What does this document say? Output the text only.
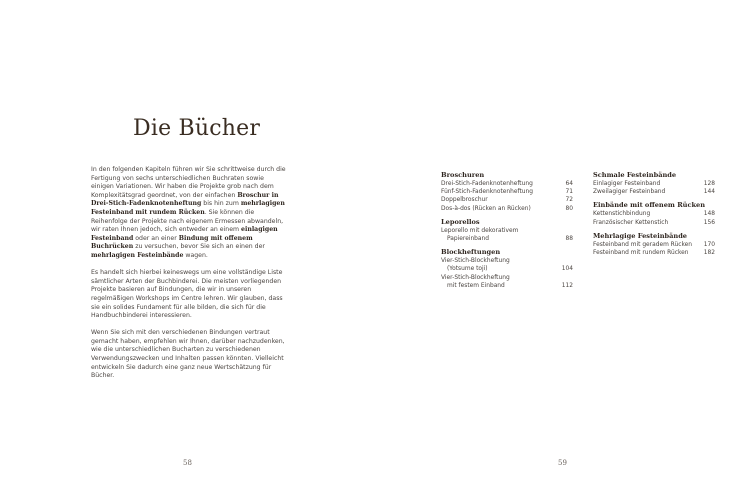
Die Bücher

In den folgenden Kapiteln führen wir Sie schrittweise durch die Fertigung von sechs unterschiedlichen Buchraten sowie einigen Variationen. Wir haben die Projekte grob nach dem Komplexitätsgrad geordnet, von der einfachen Broschur in Drei-Stich-Fadenknotenheftung bis hin zum mehrlagigen Festeinband mit rundem Rücken. Sie können die Reihenfolge der Projekte nach eigenem Ermessen abwandeln, wir raten Ihnen jedoch, sich entweder an einem einlagigen Festeinband oder an einer Bindung mit offenem Buchrücken zu versuchen, bevor Sie sich an einen der mehrlagigen Festeinbände wagen.

Es handelt sich hierbei keineswegs um eine vollständige Liste sämtlicher Arten der Buchbinderei. Die meisten vorliegenden Projekte basieren auf Bindungen, die wir in unseren regelmäßigen Workshops im Centre lehren. Wir glauben, dass sie ein solides Fundament für alle bilden, die sich für die Handbuchbinderei interessieren.

Wenn Sie sich mit den verschiedenen Bindungen vertraut gemacht haben, empfehlen wir Ihnen, darüber nachzudenken, wie die unterschiedlichen Bucharten zu verschiedenen Verwendungszwecken und Inhalten passen könnten. Vielleicht entwickeln Sie dadurch eine ganz neue Wertschätzung für Bücher.

Broschuren
Drei-Stich-Fadenknotenheftung	64
Fünf-Stich-Fadenknotenheftung	71
Doppelbroschur	72
Dos-à-dos (Rücken an Rücken)	80
Leporellos
Leporello mit dekorativem
Papiereinband	88
Blockheftungen
Vier-Stich-Blockheftung
(Yotsume toji)	104
Vier-Stich-Blockheftung
mit festem Einband	112
Schmale Festeinbände
Einlagiger Festeinband	128
Zweilagiger Festeinband	144
Einbände mit offenem Rücken
Kettenstichbindung	148
Französischer Kettenstich	156
Mehrlagige Festeinbände
Festeinband mit geradem Rücken 170
Festeinband mit rundem Rücken	182
58	59
